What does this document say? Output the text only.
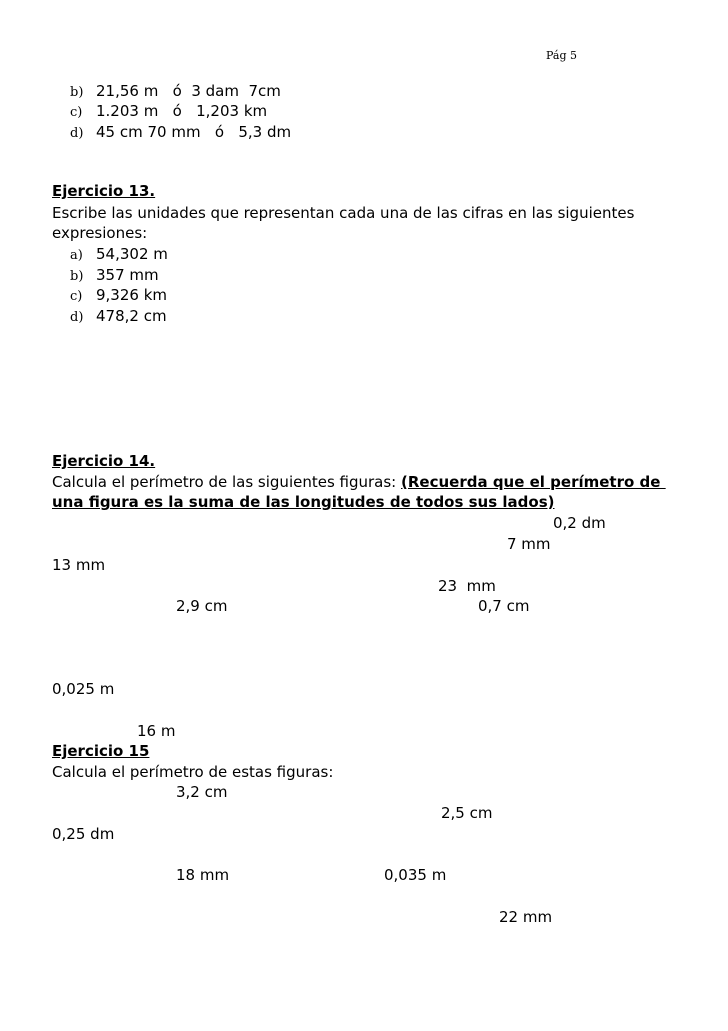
Pág 5
b) 21,56 m   ó  3 dam  7cm
c) 1.203 m   ó   1,203 km
d) 45 cm 70 mm   ó   5,3 dm
Ejercicio 13.
Escribe las unidades que representan cada una de las cifras en las siguientes
expresiones:
a) 54,302 m
b) 357 mm
c) 9,326 km
d) 478,2 cm
Ejercicio 14.
Calcula el perímetro de las siguientes figuras: (Recuerda que el perímetro de
una figura es la suma de las longitudes de todos sus lados)
0,2 dm
7 mm
13 mm
23  mm
2,9 cm	0,7 cm
0,025 m
16 m
Ejercicio 15
Calcula el perímetro de estas figuras:
3,2 cm
2,5 cm
0,25 dm
18 mm	0,035 m
22 mm
